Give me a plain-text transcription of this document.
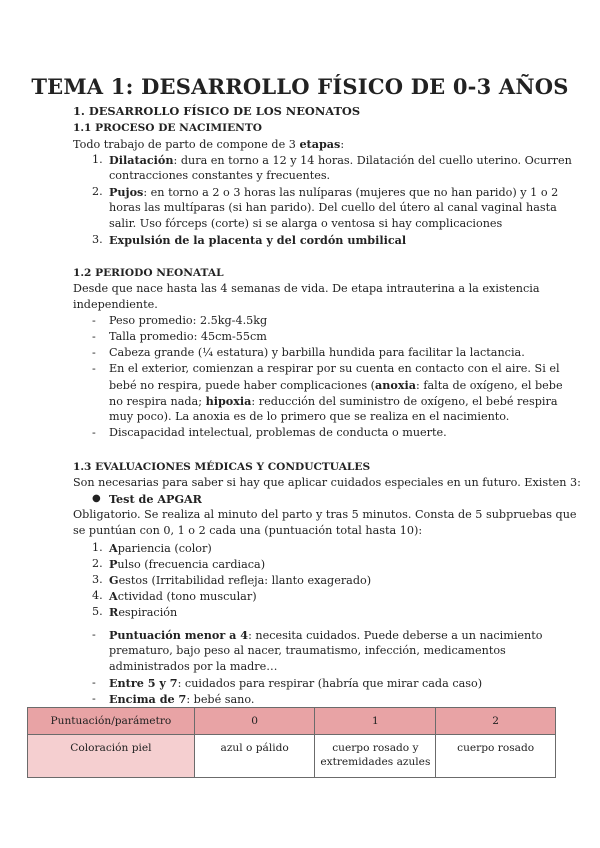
TEMA 1: DESARROLLO FÍSICO DE 0-3 AÑOS
1. DESARROLLO FÍSICO DE LOS NEONATOS
1.1 PROCESO DE NACIMIENTO
Todo trabajo de parto de compone de 3 etapas:
1. Dilatación: dura en torno a 12 y 14 horas. Dilatación del cuello uterino. Ocurren
contracciones constantes y frecuentes.
2. Pujos: en torno a 2 o 3 horas las nulíparas (mujeres que no han parido) y 1 o 2
horas las multíparas (si han parido). Del cuello del útero al canal vaginal hasta
salir. Uso fórceps (corte) si se alarga o ventosa si hay complicaciones
3. Expulsión de la placenta y del cordón umbilical
1.2 PERIODO NEONATAL
Desde que nace hasta las 4 semanas de vida. De etapa intrauterina a la existencia
independiente.
- Peso promedio: 2.5kg-4.5kg
- Talla promedio: 45cm-55cm
- Cabeza grande (¼ estatura) y barbilla hundida para facilitar la lactancia.
- En el exterior, comienzan a respirar por su cuenta en contacto con el aire. Si el
bebé no respira, puede haber complicaciones (anoxia: falta de oxígeno, el bebe
no respira nada; hipoxia: reducción del suministro de oxígeno, el bebé respira
muy poco). La anoxia es de lo primero que se realiza en el nacimiento.
- Discapacidad intelectual, problemas de conducta o muerte.
1.3 EVALUACIONES MÉDICAS Y CONDUCTUALES
Son necesarias para saber si hay que aplicar cuidados especiales en un futuro. Existen 3:
● Test de APGAR
Obligatorio. Se realiza al minuto del parto y tras 5 minutos. Consta de 5 subpruebas que
se puntúan con 0, 1 o 2 cada una (puntuación total hasta 10):
1. Apariencia (color)
2. Pulso (frecuencia cardiaca)
3. Gestos (Irritabilidad refleja: llanto exagerado)
4. Actividad (tono muscular)
5. Respiración
- Puntuación menor a 4: necesita cuidados. Puede deberse a un nacimiento
prematuro, bajo peso al nacer, traumatismo, infección, medicamentos
administrados por la madre…
- Entre 5 y 7: cuidados para respirar (habría que mirar cada caso)
- Encima de 7: bebé sano.
Puntuación/parámetro	0	1	2
Coloración piel	azul o pálido	cuerpo rosado y
extremidades azules	cuerpo rosado
